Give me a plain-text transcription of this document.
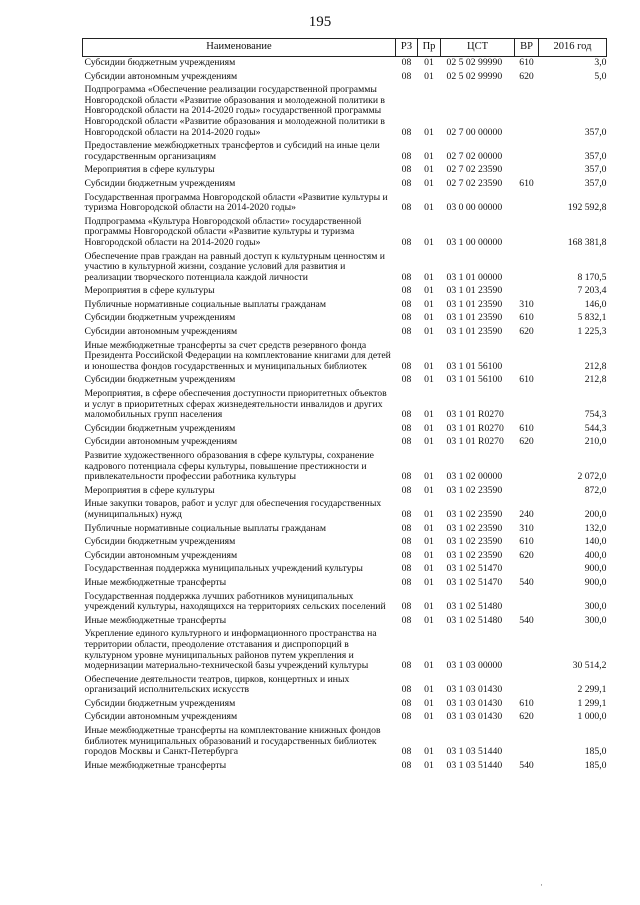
195
Наименование	РЗ	Пр	ЦСТ	ВР	2016 год
Субсидии бюджетным учреждениям	08	01	02 5 02 99990	610	3,0
Субсидии автономным учреждениям	08	01	02 5 02 99990	620	5,0
Подпрограмма «Обеспечение реализации государственной программы Новгородской области «Развитие образования и молодежной политики в Новгородской области на 2014-2020 годы» государственной программы Новгородской области «Развитие образования и молодежной политики в Новгородской области на 2014-2020 годы»	08	01	02 7 00 00000		357,0
Предоставление межбюджетных трансфертов и субсидий на иные цели государственным организациям	08	01	02 7 02 00000		357,0
Мероприятия в сфере культуры	08	01	02 7 02 23590		357,0
Субсидии бюджетным учреждениям	08	01	02 7 02 23590	610	357,0
Государственная программа Новгородской области «Развитие культуры и туризма Новгородской области на 2014-2020 годы»	08	01	03 0 00 00000		192 592,8
Подпрограмма «Культура Новгородской области» государственной программы Новгородской области «Развитие культуры и туризма Новгородской области на 2014-2020 годы»	08	01	03 1 00 00000		168 381,8
Обеспечение прав граждан на равный доступ к культурным ценностям и участию в культурной жизни, создание условий для развития и реализации творческого потенциала каждой личности	08	01	03 1 01 00000		8 170,5
Мероприятия в сфере культуры	08	01	03 1 01 23590		7 203,4
Публичные нормативные социальные выплаты гражданам	08	01	03 1 01 23590	310	146,0
Субсидии бюджетным учреждениям	08	01	03 1 01 23590	610	5 832,1
Субсидии автономным учреждениям	08	01	03 1 01 23590	620	1 225,3
Иные межбюджетные трансферты за счет средств резервного фонда Президента Российской Федерации на комплектование книгами для детей и юношества фондов государственных и муниципальных библиотек	08	01	03 1 01 56100		212,8
Субсидии бюджетным учреждениям	08	01	03 1 01 56100	610	212,8
Мероприятия, в сфере обеспечения доступности приоритетных объектов и услуг в приоритетных сферах жизнедеятельности инвалидов и других маломобильных групп населения	08	01	03 1 01 R0270		754,3
Субсидии бюджетным учреждениям	08	01	03 1 01 R0270	610	544,3
Субсидии автономным учреждениям	08	01	03 1 01 R0270	620	210,0
Развитие художественного образования в сфере культуры, сохранение кадрового потенциала сферы культуры, повышение престижности и привлекательности профессии работника культуры	08	01	03 1 02 00000		2 072,0
Мероприятия в сфере культуры	08	01	03 1 02 23590		872,0
Иные закупки товаров, работ и услуг для обеспечения государственных (муниципальных) нужд	08	01	03 1 02 23590	240	200,0
Публичные нормативные социальные выплаты гражданам	08	01	03 1 02 23590	310	132,0
Субсидии бюджетным учреждениям	08	01	03 1 02 23590	610	140,0
Субсидии автономным учреждениям	08	01	03 1 02 23590	620	400,0
Государственная поддержка муниципальных учреждений культуры	08	01	03 1 02 51470		900,0
Иные межбюджетные трансферты	08	01	03 1 02 51470	540	900,0
Государственная поддержка лучших работников муниципальных учреждений культуры, находящихся на территориях сельских поселений	08	01	03 1 02 51480		300,0
Иные межбюджетные трансферты	08	01	03 1 02 51480	540	300,0
Укрепление единого культурного и информационного пространства на территории области, преодоление отставания и диспропорций в культурном уровне муниципальных районов путем укрепления и модернизации материально-технической базы учреждений культуры	08	01	03 1 03 00000		30 514,2
Обеспечение деятельности театров, цирков, концертных и иных организаций исполнительских искусств	08	01	03 1 03 01430		2 299,1
Субсидии бюджетным учреждениям	08	01	03 1 03 01430	610	1 299,1
Субсидии автономным учреждениям	08	01	03 1 03 01430	620	1 000,0
Иные межбюджетные трансферты на комплектование книжных фондов библиотек муниципальных образований и государственных библиотек городов Москвы и Санкт-Петербурга	08	01	03 1 03 51440		185,0
Иные межбюджетные трансферты	08	01	03 1 03 51440	540	185,0
·
